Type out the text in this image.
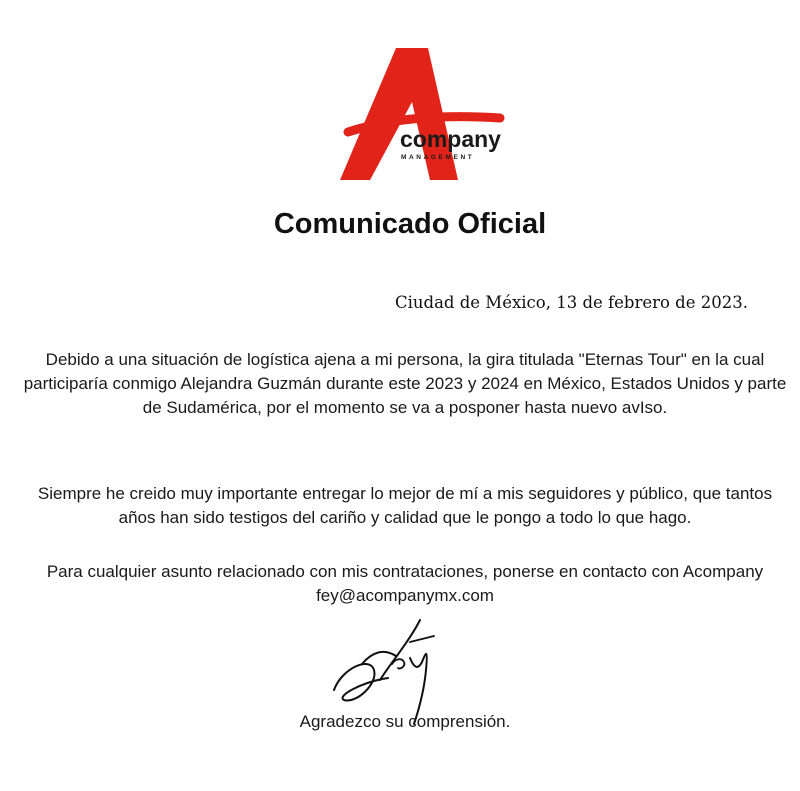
company
MANAGEMENT
Comunicado Oficial
Ciudad de México, 13 de febrero de 2023.

Debido a una situación de logística ajena a mi persona, la gira titulada "Eternas Tour" en la cual participaría conmigo Alejandra Guzmán durante este 2023 y 2024 en México, Estados Unidos y parte de Sudamérica, por el momento se va a posponer hasta nuevo avIso.

Siempre he creido muy importante entregar lo mejor de mí a mis seguidores y público, que tantos años han sido testigos del cariño y calidad que le pongo a todo lo que hago.

Para cualquier asunto relacionado con mis contrataciones, ponerse en contacto con Acompany fey@acompanymx.com

Agradezco su comprensión.
